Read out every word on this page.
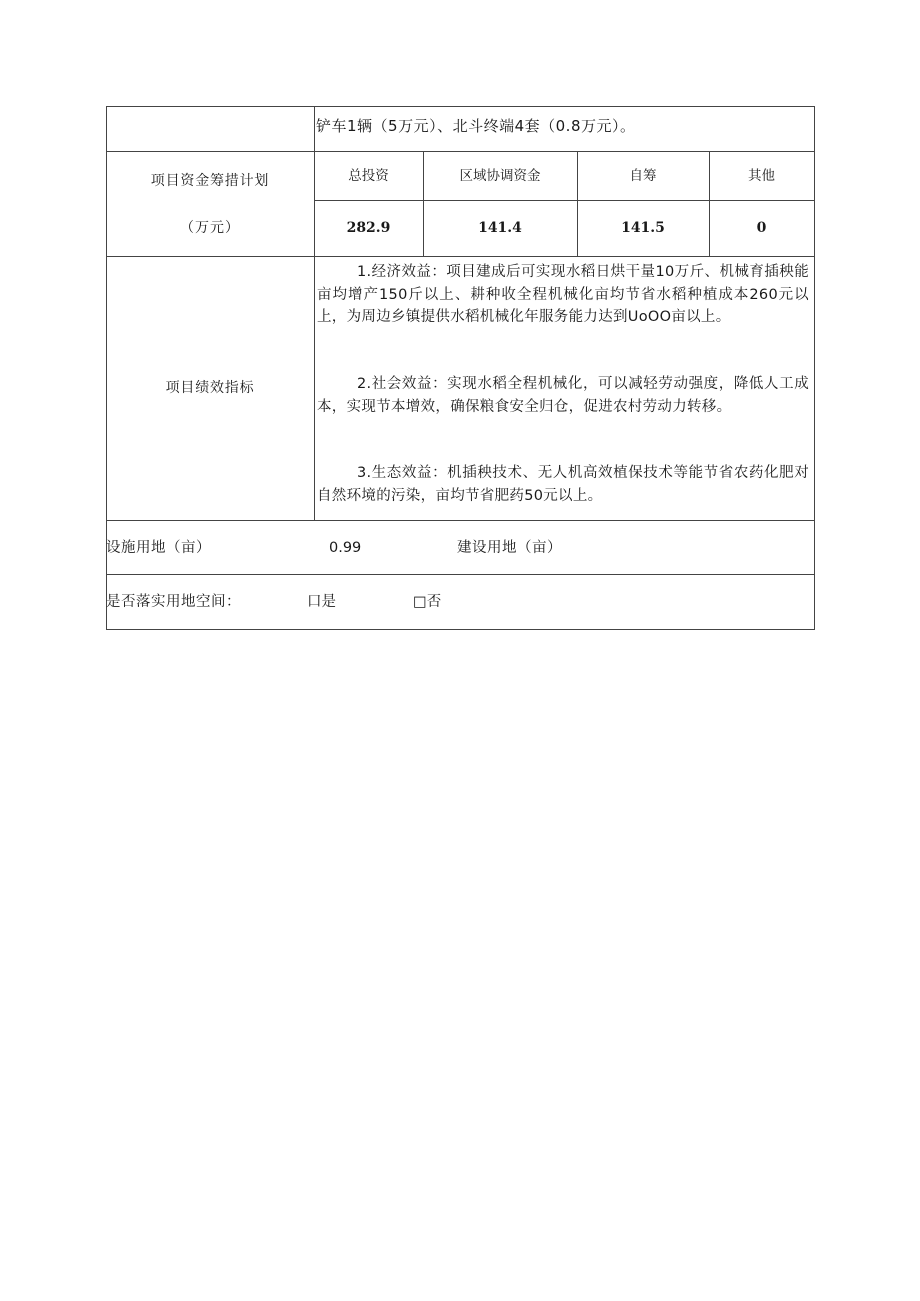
铲车1辆（5万元）、北斗终端4套（0.8万元）。
项目资金筹措计划
（万元）
总投资	区域协调资金	自筹	其他
282.9	141.4	141.5	0
项目绩效指标
1.经济效益：项目建成后可实现水稻日烘干量10万斤、机械育插秧能亩均增产150斤以上、耕种收全程机械化亩均节省水稻种植成本260元以上，为周边乡镇提供水稻机械化年服务能力达到UoOO亩以上。
2.社会效益：实现水稻全程机械化，可以减轻劳动强度，降低人工成本，实现节本增效，确保粮食安全归仓，促进农村劳动力转移。
3.生态效益：机插秧技术、无人机高效植保技术等能节省农药化肥对自然环境的污染，亩均节省肥药50元以上。
设施用地（亩）	0.99	建设用地（亩）
是否落实用地空间：	口是	□否
